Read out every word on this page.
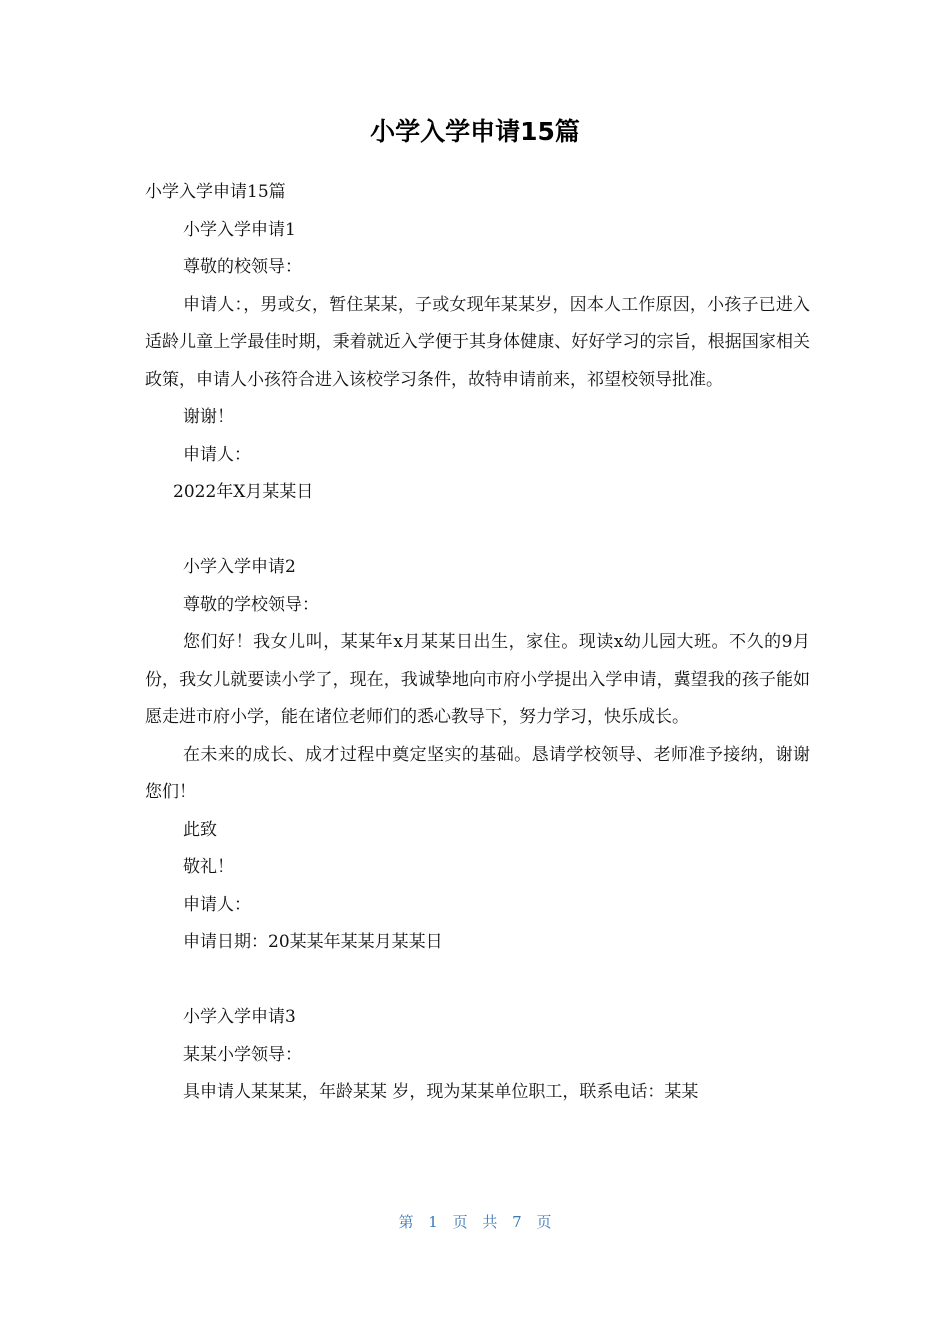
小学入学申请15篇

小学入学申请15篇

小学入学申请1

尊敬的校领导：

申请人：，男或女，暂住某某，子或女现年某某岁，因本人工作原因，小孩子已进入适龄儿童上学最佳时期，秉着就近入学便于其身体健康、好好学习的宗旨，根据国家相关政策，申请人小孩符合进入该校学习条件，故特申请前来，祁望校领导批准。

谢谢！

申请人：

2022年X月某某日

小学入学申请2

尊敬的学校领导：

您们好！我女儿叫，某某年x月某某日出生，家住。现读x幼儿园大班。不久的9月份，我女儿就要读小学了，现在，我诚挚地向市府小学提出入学申请，冀望我的孩子能如愿走进市府小学，能在诸位老师们的悉心教导下，努力学习，快乐成长。

在未来的成长、成才过程中奠定坚实的基础。恳请学校领导、老师准予接纳，谢谢您们！

此致

敬礼！

申请人：

申请日期：20某某年某某月某某日

小学入学申请3

某某小学领导：

具申请人某某某，年龄某某 岁，现为某某单位职工，联系电话：某某

第 1 页 共 7 页
